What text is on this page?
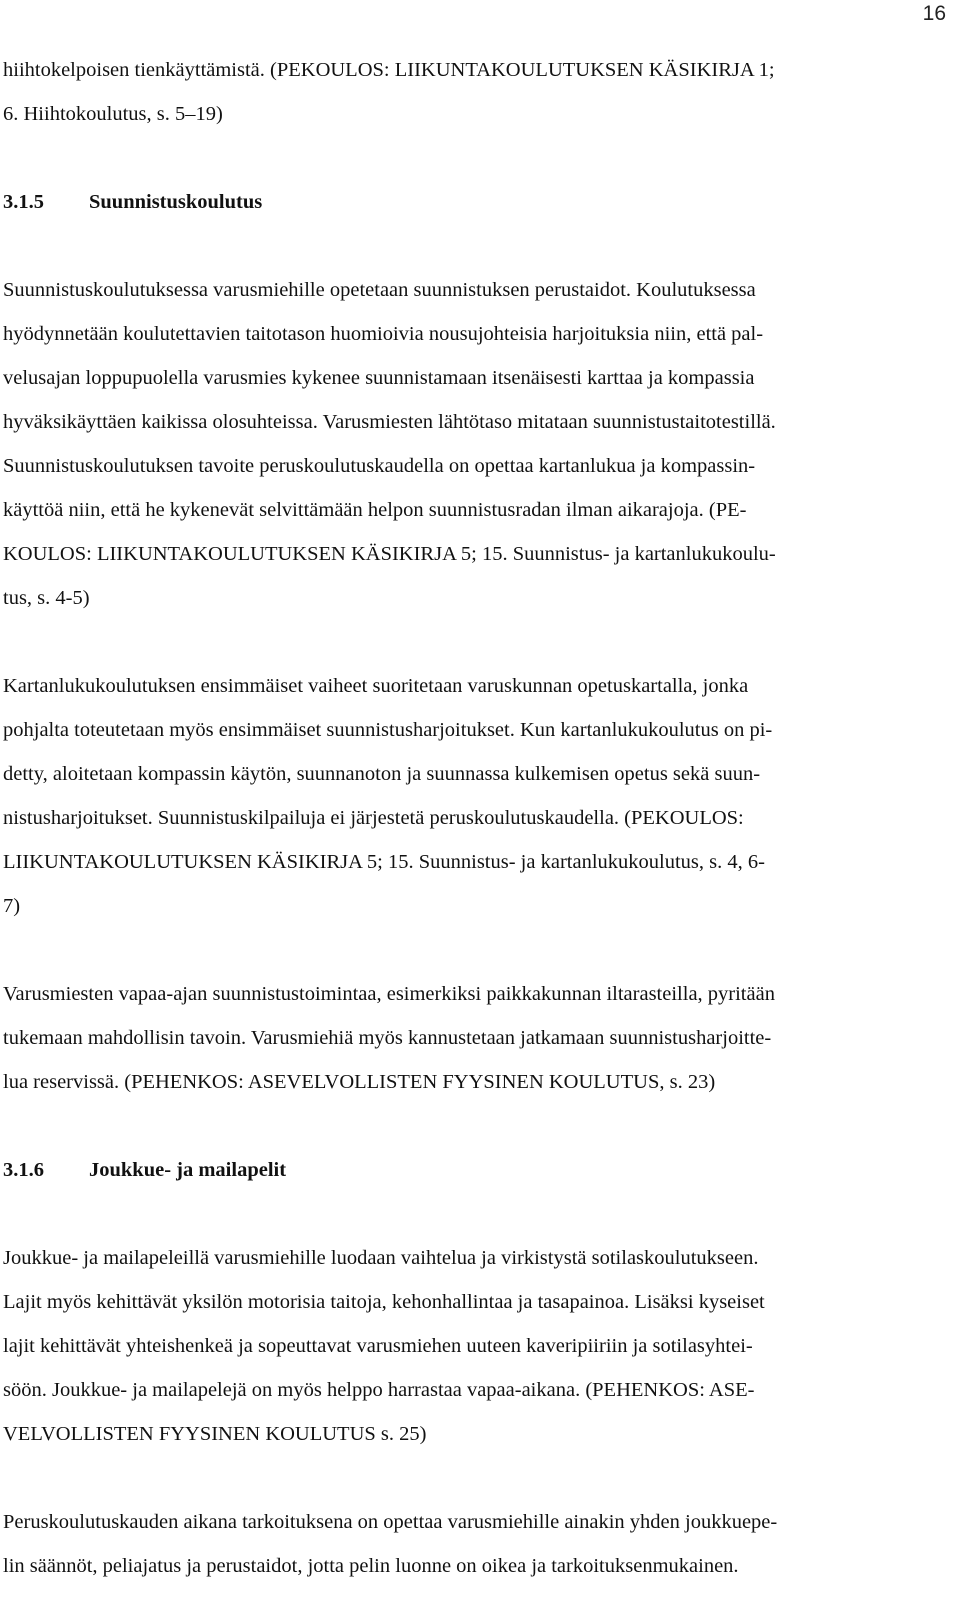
16

hiihtokelpoisen tienkäyttämistä. (PEKOULOS: LIIKUNTAKOULUTUKSEN KÄSIKIRJA 1;

6. Hiihtokoulutus, s. 5–19)

3.1.5 Suunnistuskoulutus

Suunnistuskoulutuksessa varusmiehille opetetaan suunnistuksen perustaidot. Koulutuksessa

hyödynnetään koulutettavien taitotason huomioivia nousujohteisia harjoituksia niin, että pal-

velusajan loppupuolella varusmies kykenee suunnistamaan itsenäisesti karttaa ja kompassia

hyväksikäyttäen kaikissa olosuhteissa. Varusmiesten lähtötaso mitataan suunnistustaitotestillä.

Suunnistuskoulutuksen tavoite peruskoulutuskaudella on opettaa kartanlukua ja kompassin-

käyttöä niin, että he kykenevät selvittämään helpon suunnistusradan ilman aikarajoja. (PE-

KOULOS: LIIKUNTAKOULUTUKSEN KÄSIKIRJA 5; 15. Suunnistus- ja kartanlukukoulu-

tus, s. 4-5)

Kartanlukukoulutuksen ensimmäiset vaiheet suoritetaan varuskunnan opetuskartalla, jonka

pohjalta toteutetaan myös ensimmäiset suunnistusharjoitukset. Kun kartanlukukoulutus on pi-

detty, aloitetaan kompassin käytön, suunnanoton ja suunnassa kulkemisen opetus sekä suun-

nistusharjoitukset. Suunnistuskilpailuja ei järjestetä peruskoulutuskaudella. (PEKOULOS:

LIIKUNTAKOULUTUKSEN KÄSIKIRJA 5; 15. Suunnistus- ja kartanlukukoulutus, s. 4, 6-

7)

Varusmiesten vapaa-ajan suunnistustoimintaa, esimerkiksi paikkakunnan iltarasteilla, pyritään

tukemaan mahdollisin tavoin. Varusmiehiä myös kannustetaan jatkamaan suunnistusharjoitte-

lua reservissä. (PEHENKOS: ASEVELVOLLISTEN FYYSINEN KOULUTUS, s. 23)

3.1.6 Joukkue- ja mailapelit

Joukkue- ja mailapeleillä varusmiehille luodaan vaihtelua ja virkistystä sotilaskoulutukseen.

Lajit myös kehittävät yksilön motorisia taitoja, kehonhallintaa ja tasapainoa. Lisäksi kyseiset

lajit kehittävät yhteishenkeä ja sopeuttavat varusmiehen uuteen kaveripiiriin ja sotilasyhtei-

söön. Joukkue- ja mailapelejä on myös helppo harrastaa vapaa-aikana. (PEHENKOS: ASE-

VELVOLLISTEN FYYSINEN KOULUTUS s. 25)

Peruskoulutuskauden aikana tarkoituksena on opettaa varusmiehille ainakin yhden joukkuepe-

lin säännöt, peliajatus ja perustaidot, jotta pelin luonne on oikea ja tarkoituksenmukainen.
